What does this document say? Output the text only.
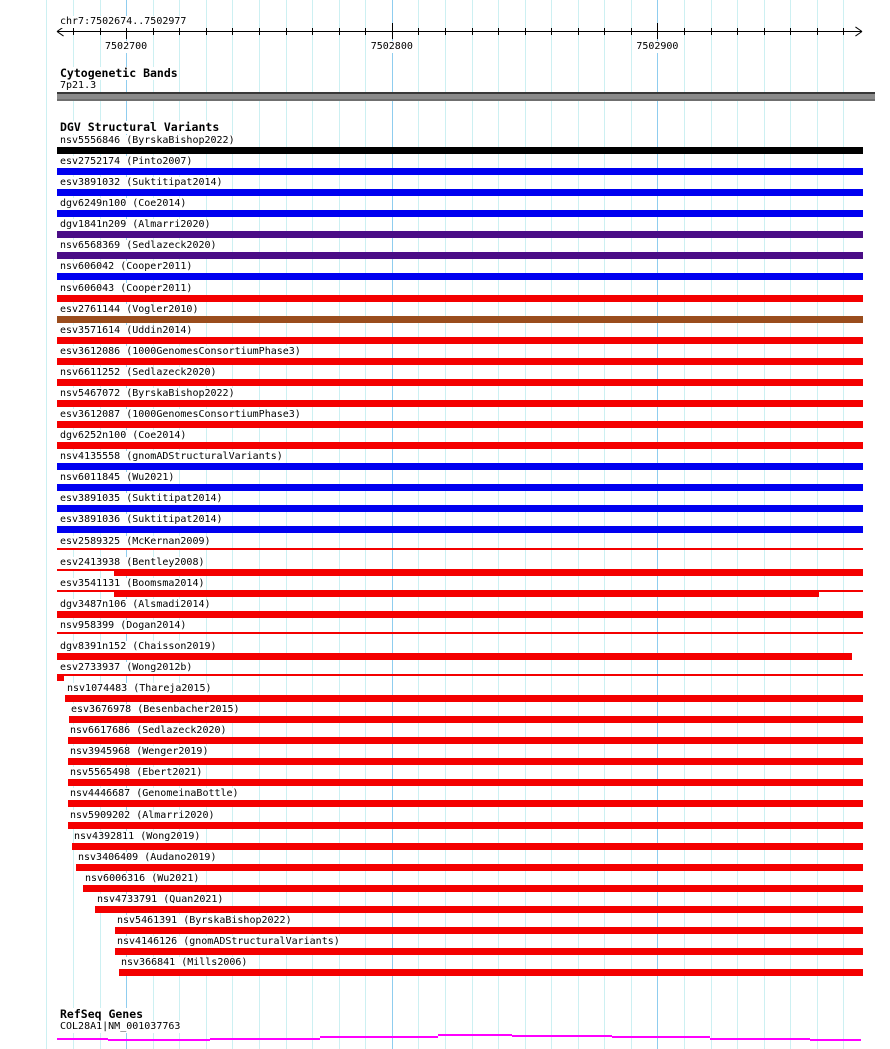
chr7:7502674..7502977
7502700	7502800	7502900
Cytogenetic Bands
7p21.3
DGV Structural Variants
nsv5556846 (ByrskaBishop2022)
esv2752174 (Pinto2007)
esv3891032 (Suktitipat2014)
dgv6249n100 (Coe2014)
dgv1841n209 (Almarri2020)
nsv6568369 (Sedlazeck2020)
nsv606042 (Cooper2011)
nsv606043 (Cooper2011)
esv2761144 (Vogler2010)
esv3571614 (Uddin2014)
esv3612086 (1000GenomesConsortiumPhase3)
nsv6611252 (Sedlazeck2020)
nsv5467072 (ByrskaBishop2022)
esv3612087 (1000GenomesConsortiumPhase3)
dgv6252n100 (Coe2014)
nsv4135558 (gnomADStructuralVariants)
nsv6011845 (Wu2021)
esv3891035 (Suktitipat2014)
esv3891036 (Suktitipat2014)
esv2589325 (McKernan2009)
esv2413938 (Bentley2008)
esv3541131 (Boomsma2014)
dgv3487n106 (Alsmadi2014)
nsv958399 (Dogan2014)
dgv8391n152 (Chaisson2019)
esv2733937 (Wong2012b)
nsv1074483 (Thareja2015)
esv3676978 (Besenbacher2015)
nsv6617686 (Sedlazeck2020)
nsv3945968 (Wenger2019)
nsv5565498 (Ebert2021)
nsv4446687 (GenomeinaBottle)
nsv5909202 (Almarri2020)
nsv4392811 (Wong2019)
nsv3406409 (Audano2019)
nsv6006316 (Wu2021)
nsv4733791 (Quan2021)
nsv5461391 (ByrskaBishop2022)
nsv4146126 (gnomADStructuralVariants)
nsv366841 (Mills2006)
RefSeq Genes
COL28A1|NM_001037763
